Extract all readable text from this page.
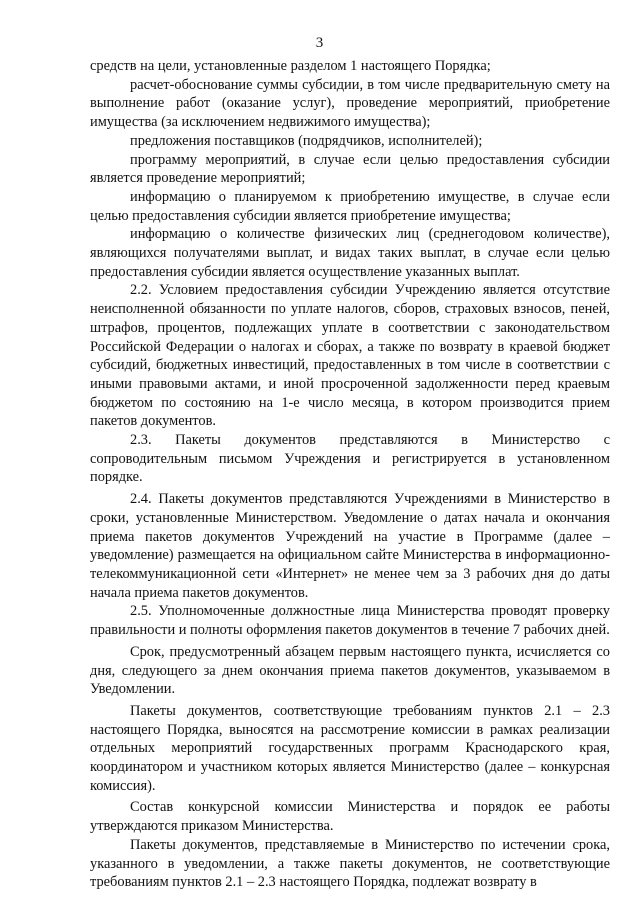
3

средств на цели, установленные разделом 1 настоящего Порядка;

расчет-обоснование суммы субсидии, в том числе предварительную смету на выполнение работ (оказание услуг), проведение мероприятий, приобретение имущества (за исключением недвижимого имущества);

предложения поставщиков (подрядчиков, исполнителей);

программу мероприятий, в случае если целью предоставления субсидии является проведение мероприятий;

информацию о планируемом к приобретению имуществе, в случае если целью предоставления субсидии является приобретение имущества;

информацию о количестве физических лиц (среднегодовом количестве), являющихся получателями выплат, и видах таких выплат, в случае если целью предоставления субсидии является осуществление указанных выплат.

2.2. Условием предоставления субсидии Учреждению является отсутствие неисполненной обязанности по уплате налогов, сборов, страховых взносов, пеней, штрафов, процентов, подлежащих уплате в соответствии с законодательством Российской Федерации о налогах и сборах, а также по возврату в краевой бюджет субсидий, бюджетных инвестиций, предоставленных в том числе в соответствии с иными правовыми актами, и иной просроченной задолженности перед краевым бюджетом по состоянию на 1-е число месяца, в котором производится прием пакетов документов.

2.3. Пакеты документов представляются в Министерство с сопроводительным письмом Учреждения и регистрируется в установленном порядке.

2.4. Пакеты документов представляются Учреждениями в Министерство в сроки, установленные Министерством. Уведомление о датах начала и окончания приема пакетов документов Учреждений на участие в Программе (далее – уведомление) размещается на официальном сайте Министерства в информационно-телекоммуникационной сети «Интернет» не менее чем за 3 рабочих дня до даты начала приема пакетов документов.

2.5. Уполномоченные должностные лица Министерства проводят проверку правильности и полноты оформления пакетов документов в течение 7 рабочих дней.

Срок, предусмотренный абзацем первым настоящего пункта, исчисляется со дня, следующего за днем окончания приема пакетов документов, указываемом в Уведомлении.

Пакеты документов, соответствующие требованиям пунктов 2.1 – 2.3 настоящего Порядка, выносятся на рассмотрение комиссии в рамках реализации отдельных мероприятий государственных программ Краснодарского края, координатором и участником которых является Министерство (далее – конкурсная комиссия).

Состав конкурсной комиссии Министерства и порядок ее работы утверждаются приказом Министерства.

Пакеты документов, представляемые в Министерство по истечении срока, указанного в уведомлении, а также пакеты документов, не соответствующие требованиям пунктов 2.1 – 2.3 настоящего Порядка, подлежат возврату в
